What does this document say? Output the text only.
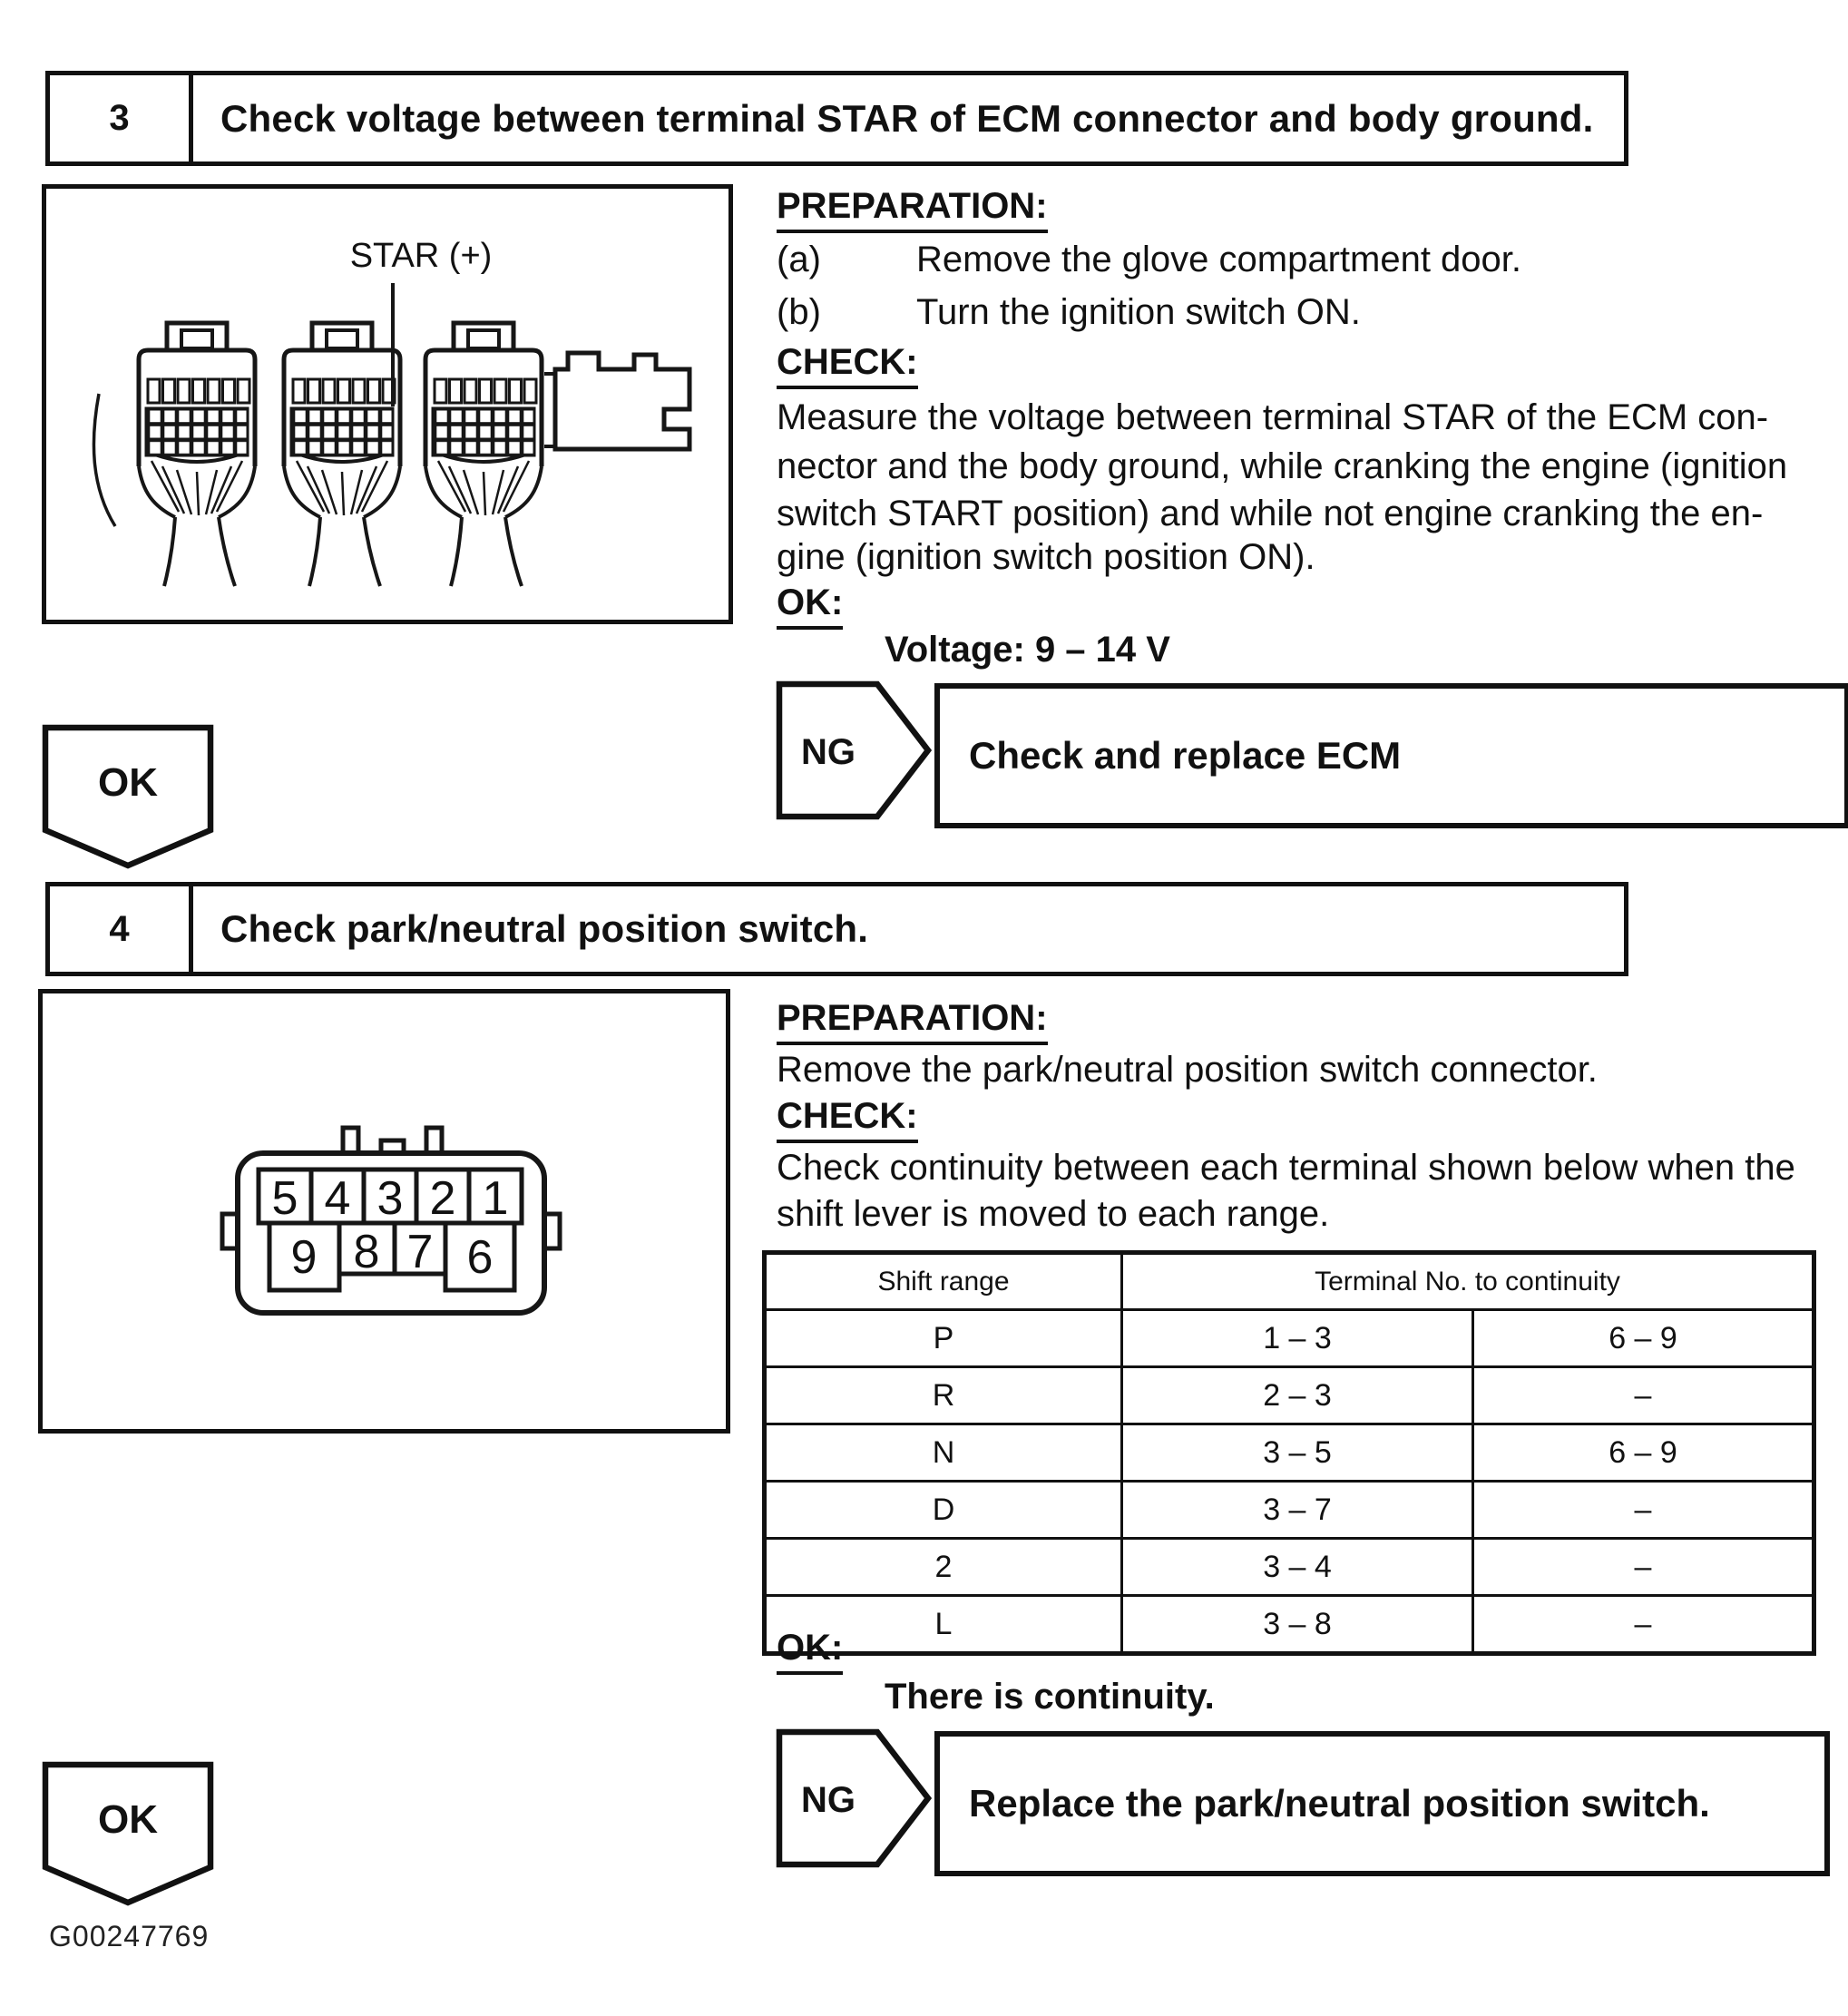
3	Check voltage between terminal STAR of ECM connector and body ground.
STAR (+)
PREPARATION:
(a)	Remove the glove compartment door.
(b)	Turn the ignition switch ON.
CHECK:
Measure the voltage between terminal STAR of the ECM con-
nector and the body ground, while cranking the engine (ignition
switch START position) and while not engine cranking the en-
gine (ignition switch position ON).
OK:
Voltage: 9 – 14 V
NG	Check and replace ECM
OK
4	Check park/neutral position switch.
5 4 3 2 1
9 8 7 6
PREPARATION:
Remove the park/neutral position switch connector.
CHECK:
Check continuity between each terminal shown below when the
shift lever is moved to each range.
Shift range	Terminal No. to continuity	
P	1 – 3	6 – 9
R	2 – 3	–
N	3 – 5	6 – 9
D	3 – 7	–
2	3 – 4	–
L	3 – 8	–
OK:
There is continuity.
NG	Replace the park/neutral position switch.
OK
G00247769
